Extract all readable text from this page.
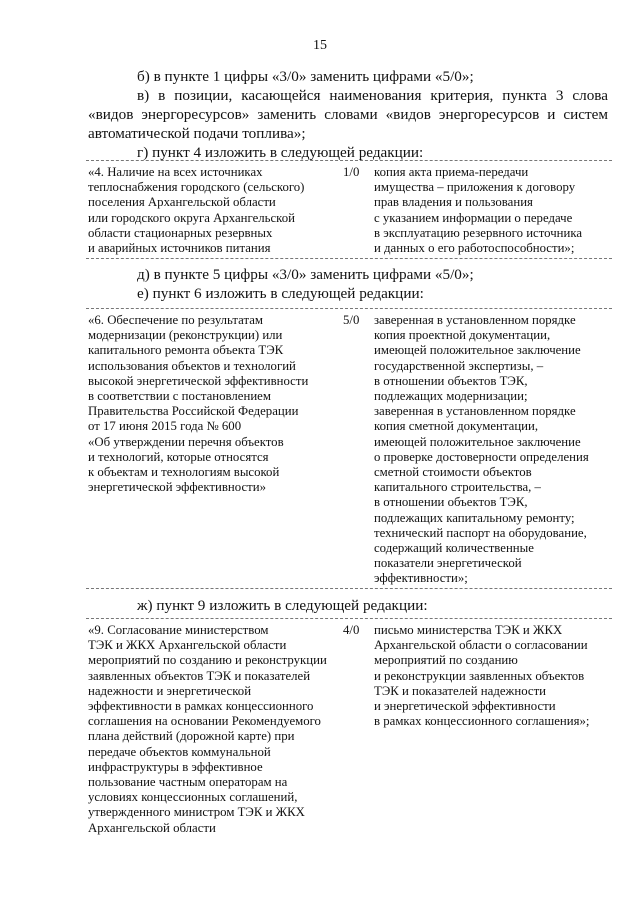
15
б) в пункте 1 цифры «3/0» заменить цифрами «5/0»;
в) в позиции, касающейся наименования критерия, пункта 3 слова
«видов энергоресурсов» заменить словами «видов энергоресурсов и систем
автоматической подачи топлива»;
г) пункт 4 изложить в следующей редакции:
«4. Наличие на всех источниках
теплоснабжения городского (сельского)
поселения Архангельской области
или городского округа Архангельской
области стационарных резервных
и аварийных источников питания
1/0	копия акта приема-передачи
имущества – приложения к договору
прав владения и пользования
с указанием информации о передаче
в эксплуатацию резервного источника
и данных о его работоспособности»;
д) в пункте 5 цифры «3/0» заменить цифрами «5/0»;
е) пункт 6 изложить в следующей редакции:
«6. Обеспечение по результатам
модернизации (реконструкции) или
капитального ремонта объекта ТЭК
использования объектов и технологий
высокой энергетической эффективности
в соответствии с постановлением
Правительства Российской Федерации
от 17 июня 2015 года № 600
«Об утверждении перечня объектов
и технологий, которые относятся
к объектам и технологиям высокой
энергетической эффективности»
5/0	заверенная в установленном порядке
копия проектной документации,
имеющей положительное заключение
государственной экспертизы, –
в отношении объектов ТЭК,
подлежащих модернизации;
заверенная в установленном порядке
копия сметной документации,
имеющей положительное заключение
о проверке достоверности определения
сметной стоимости объектов
капитального строительства, –
в отношении объектов ТЭК,
подлежащих капитальному ремонту;
технический паспорт на оборудование,
содержащий количественные
показатели энергетической
эффективности»;
ж) пункт 9 изложить в следующей редакции:
«9. Согласование министерством
ТЭК и ЖКХ Архангельской области
мероприятий по созданию и реконструкции
заявленных объектов ТЭК и показателей
надежности и энергетической
эффективности в рамках концессионного
соглашения на основании Рекомендуемого
плана действий (дорожной карте) при
передаче объектов коммунальной
инфраструктуры в эффективное
пользование частным операторам на
условиях концессионных соглашений,
утвержденного министром ТЭК и ЖКХ
Архангельской области
4/0	письмо министерства ТЭК и ЖКХ
Архангельской области о согласовании
мероприятий по созданию
и реконструкции заявленных объектов
ТЭК и показателей надежности
и энергетической эффективности
в рамках концессионного соглашения»;
